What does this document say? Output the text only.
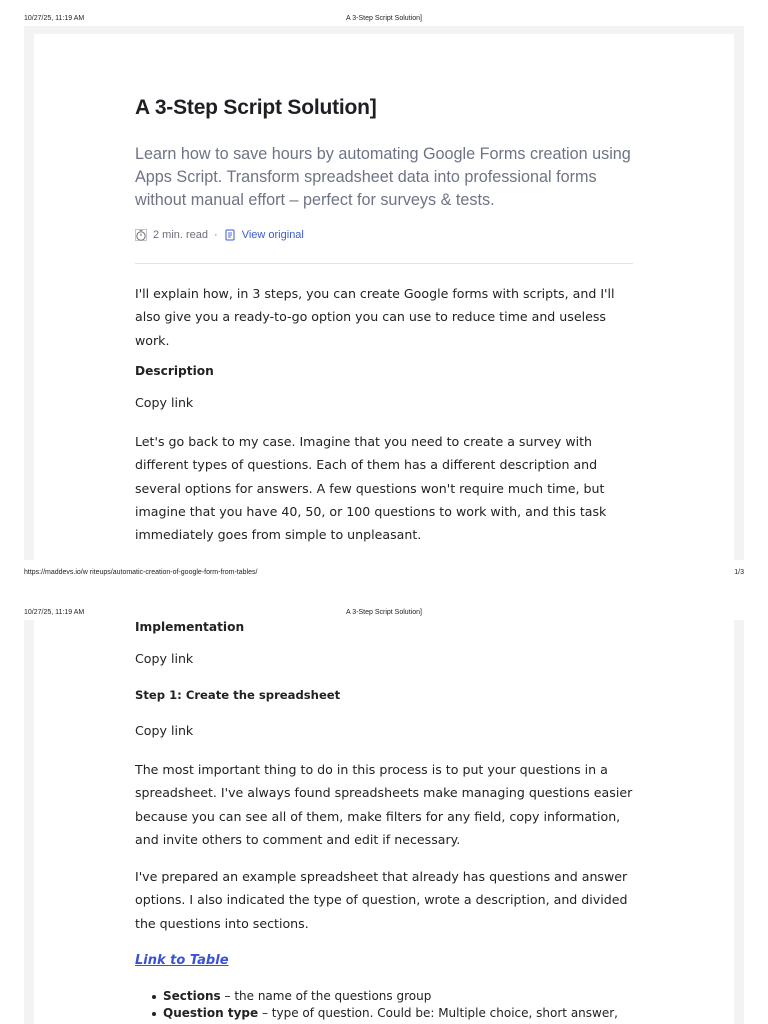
10/27/25, 11:19 AM	A 3-Step Script Solution]
A 3-Step Script Solution]

Learn how to save hours by automating Google Forms creation using Apps Script. Transform spreadsheet data into professional forms without manual effort – perfect for surveys & tests.

2 min. read · View original

I'll explain how, in 3 steps, you can create Google forms with scripts, and I'll also give you a ready-to-go option you can use to reduce time and useless work.

Description
Copy link

Let's go back to my case. Imagine that you need to create a survey with different types of questions. Each of them has a different description and several options for answers. A few questions won't require much time, but imagine that you have 40, 50, or 100 questions to work with, and this task immediately goes from simple to unpleasant.

https://maddevs.io/w riteups/automatic-creation-of-google-form-from-tables/	1/3
10/27/25, 11:19 AM	A 3-Step Script Solution]
Implementation
Copy link
Step 1: Create the spreadsheet
Copy link

The most important thing to do in this process is to put your questions in a spreadsheet. I've always found spreadsheets make managing questions easier because you can see all of them, make filters for any field, copy information, and invite others to comment and edit if necessary.

I've prepared an example spreadsheet that already has questions and answer options. I also indicated the type of question, wrote a description, and divided the questions into sections.

Link to Table
Sections – the name of the questions group
Question type – type of question. Could be: Multiple choice, short answer,
